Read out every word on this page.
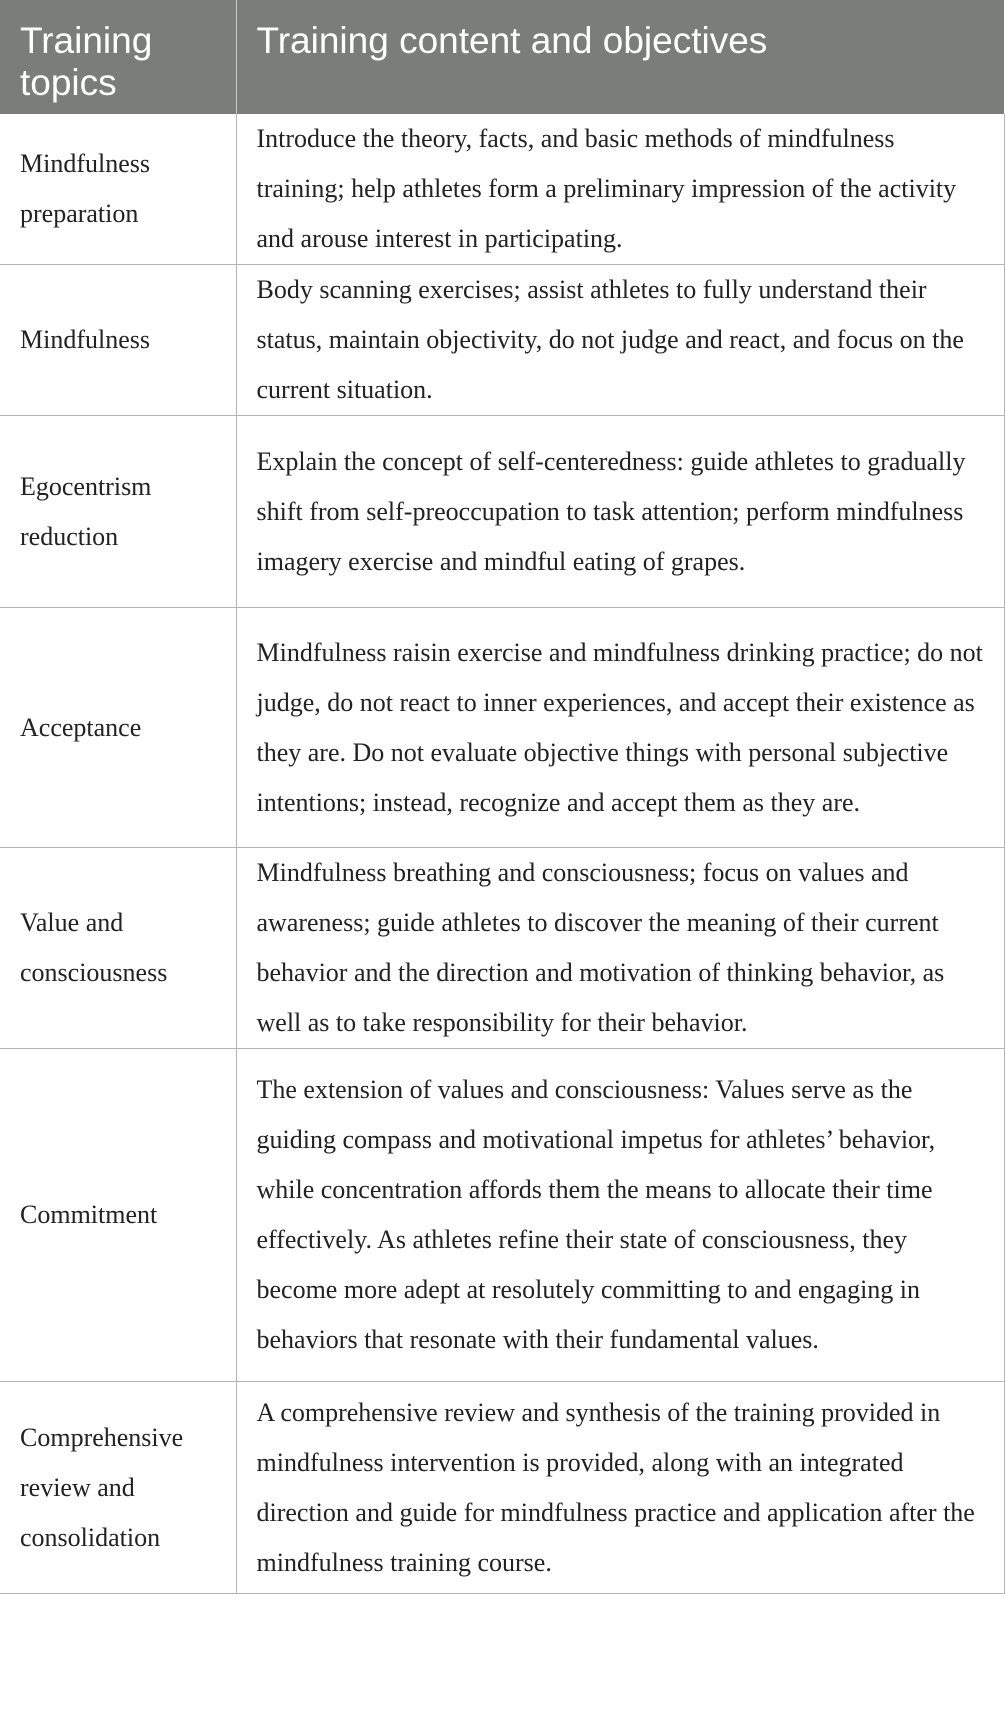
Training topics	Training content and objectives
Mindfulness preparation	Introduce the theory, facts, and basic methods of mindfulness training; help athletes form a preliminary impression of the activity and arouse interest in participating.
Mindfulness	Body scanning exercises; assist athletes to fully understand their status, maintain objectivity, do not judge and react, and focus on the current situation.
Egocentrism reduction	Explain the concept of self-centeredness: guide athletes to gradually shift from self-preoccupation to task attention; perform mindfulness imagery exercise and mindful eating of grapes.
Acceptance	Mindfulness raisin exercise and mindfulness drinking practice; do not judge, do not react to inner experiences, and accept their existence as they are. Do not evaluate objective things with personal subjective intentions; instead, recognize and accept them as they are.
Value and consciousness	Mindfulness breathing and consciousness; focus on values and awareness; guide athletes to discover the meaning of their current behavior and the direction and motivation of thinking behavior, as well as to take responsibility for their behavior.
Commitment	The extension of values and consciousness: Values serve as the guiding compass and motivational impetus for athletes’ behavior, while concentration affords them the means to allocate their time effectively. As athletes refine their state of consciousness, they become more adept at resolutely committing to and engaging in behaviors that resonate with their fundamental values.
Comprehensive review and consolidation	A comprehensive review and synthesis of the training provided in mindfulness intervention is provided, along with an integrated direction and guide for mindfulness practice and application after the mindfulness training course.
